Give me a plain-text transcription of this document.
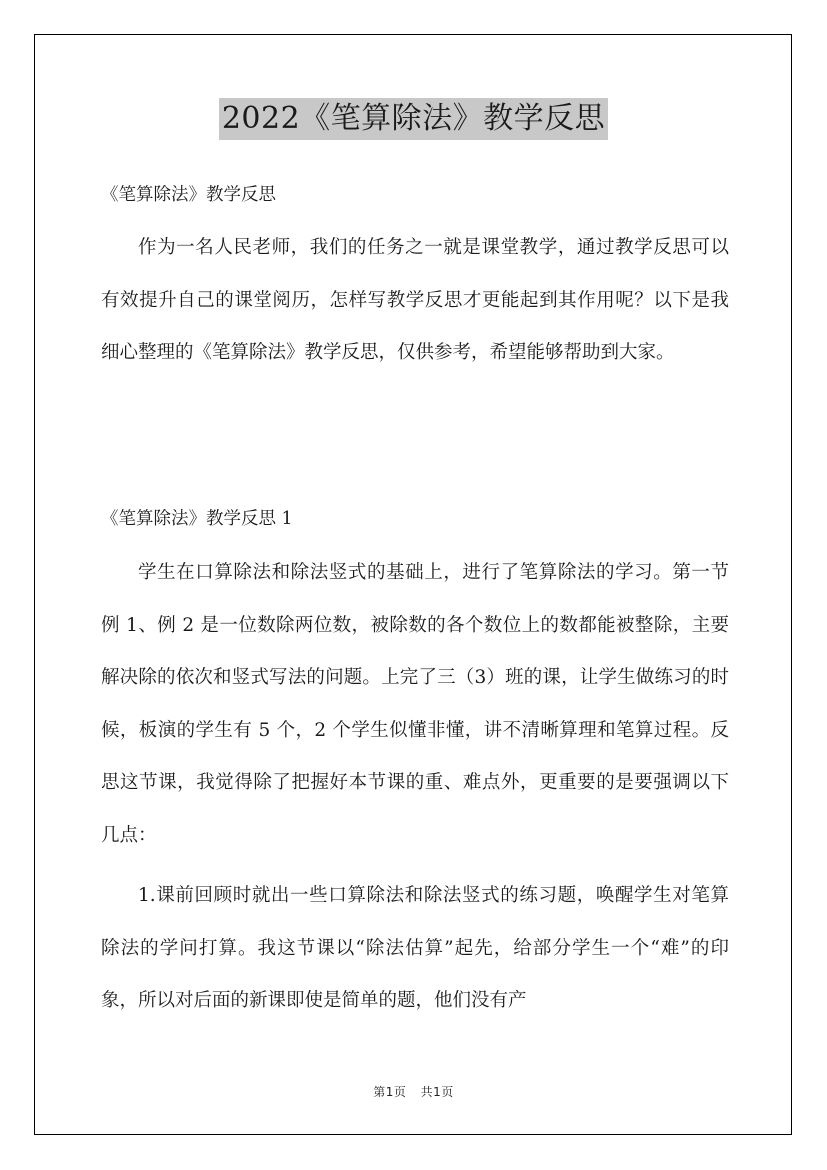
2022《笔算除法》教学反思

《笔算除法》教学反思

作为一名人民老师，我们的任务之一就是课堂教学，通过教学反思可以有效提升自己的课堂阅历，怎样写教学反思才更能起到其作用呢？以下是我细心整理的《笔算除法》教学反思，仅供参考，希望能够帮助到大家。

《笔算除法》教学反思 1

学生在口算除法和除法竖式的基础上，进行了笔算除法的学习。第一节例 1、例 2 是一位数除两位数，被除数的各个数位上的数都能被整除，主要解决除的依次和竖式写法的问题。上完了三（3）班的课，让学生做练习的时候，板演的学生有 5 个，2 个学生似懂非懂，讲不清晰算理和笔算过程。反思这节课，我觉得除了把握好本节课的重、难点外，更重要的是要强调以下几点：

1.课前回顾时就出一些口算除法和除法竖式的练习题，唤醒学生对笔算除法的学问打算。我这节课以“除法估算”起先，给部分学生一个“难”的印象，所以对后面的新课即使是简单的题，他们没有产

第1页 共1页
